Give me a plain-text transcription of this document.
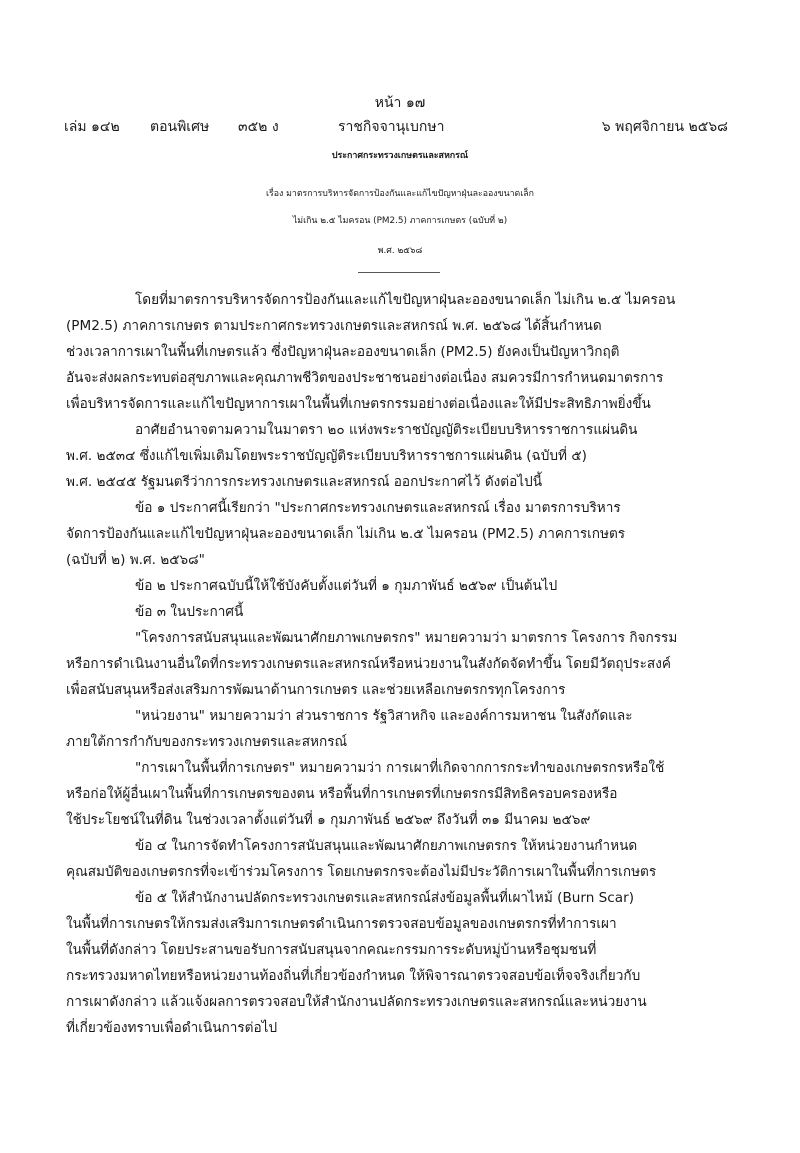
หน้า ๑๗
เล่ม ๑๔๒ ตอนพิเศษ ๓๕๒ ง	ราชกิจจานุเบกษา	๖ พฤศจิกายน ๒๕๖๘
ประกาศกระทรวงเกษตรและสหกรณ์
เรื่อง มาตรการบริหารจัดการป้องกันและแก้ไขปัญหาฝุ่นละอองขนาดเล็ก
ไม่เกิน ๒.๕ ไมครอน (PM2.5) ภาคการเกษตร (ฉบับที่ ๒)
พ.ศ. ๒๕๖๘
โดยที่มาตรการบริหารจัดการป้องกันและแก้ไขปัญหาฝุ่นละอองขนาดเล็ก ไม่เกิน ๒.๕ ไมครอน
(PM2.5) ภาคการเกษตร ตามประกาศกระทรวงเกษตรและสหกรณ์ พ.ศ. ๒๕๖๘ ได้สิ้นกำหนด
ช่วงเวลาการเผาในพื้นที่เกษตรแล้ว ซึ่งปัญหาฝุ่นละอองขนาดเล็ก (PM2.5) ยังคงเป็นปัญหาวิกฤติ
อันจะส่งผลกระทบต่อสุขภาพและคุณภาพชีวิตของประชาชนอย่างต่อเนื่อง สมควรมีการกำหนดมาตรการ
เพื่อบริหารจัดการและแก้ไขปัญหาการเผาในพื้นที่เกษตรกรรมอย่างต่อเนื่องและให้มีประสิทธิภาพยิ่งขึ้น
อาศัยอำนาจตามความในมาตรา ๒๐ แห่งพระราชบัญญัติระเบียบบริหารราชการแผ่นดิน
พ.ศ. ๒๕๓๔ ซึ่งแก้ไขเพิ่มเติมโดยพระราชบัญญัติระเบียบบริหารราชการแผ่นดิน (ฉบับที่ ๕)
พ.ศ. ๒๕๔๕ รัฐมนตรีว่าการกระทรวงเกษตรและสหกรณ์ ออกประกาศไว้ ดังต่อไปนี้
ข้อ ๑ ประกาศนี้เรียกว่า "ประกาศกระทรวงเกษตรและสหกรณ์ เรื่อง มาตรการบริหาร
จัดการป้องกันและแก้ไขปัญหาฝุ่นละอองขนาดเล็ก ไม่เกิน ๒.๕ ไมครอน (PM2.5) ภาคการเกษตร
(ฉบับที่ ๒) พ.ศ. ๒๕๖๘"
ข้อ ๒ ประกาศฉบับนี้ให้ใช้บังคับตั้งแต่วันที่ ๑ กุมภาพันธ์ ๒๕๖๙ เป็นต้นไป
ข้อ ๓ ในประกาศนี้
"โครงการสนับสนุนและพัฒนาศักยภาพเกษตรกร" หมายความว่า มาตรการ โครงการ กิจกรรม
หรือการดำเนินงานอื่นใดที่กระทรวงเกษตรและสหกรณ์หรือหน่วยงานในสังกัดจัดทำขึ้น โดยมีวัตถุประสงค์
เพื่อสนับสนุนหรือส่งเสริมการพัฒนาด้านการเกษตร และช่วยเหลือเกษตรกรทุกโครงการ
"หน่วยงาน" หมายความว่า ส่วนราชการ รัฐวิสาหกิจ และองค์การมหาชน ในสังกัดและ
ภายใต้การกำกับของกระทรวงเกษตรและสหกรณ์
"การเผาในพื้นที่การเกษตร" หมายความว่า การเผาที่เกิดจากการกระทำของเกษตรกรหรือใช้
หรือก่อให้ผู้อื่นเผาในพื้นที่การเกษตรของตน หรือพื้นที่การเกษตรที่เกษตรกรมีสิทธิครอบครองหรือ
ใช้ประโยชน์ในที่ดิน ในช่วงเวลาตั้งแต่วันที่ ๑ กุมภาพันธ์ ๒๕๖๙ ถึงวันที่ ๓๑ มีนาคม ๒๕๖๙
ข้อ ๔ ในการจัดทำโครงการสนับสนุนและพัฒนาศักยภาพเกษตรกร ให้หน่วยงานกำหนด
คุณสมบัติของเกษตรกรที่จะเข้าร่วมโครงการ โดยเกษตรกรจะต้องไม่มีประวัติการเผาในพื้นที่การเกษตร
ข้อ ๕ ให้สำนักงานปลัดกระทรวงเกษตรและสหกรณ์ส่งข้อมูลพื้นที่เผาไหม้ (Burn Scar)
ในพื้นที่การเกษตรให้กรมส่งเสริมการเกษตรดำเนินการตรวจสอบข้อมูลของเกษตรกรที่ทำการเผา
ในพื้นที่ดังกล่าว โดยประสานขอรับการสนับสนุนจากคณะกรรมการระดับหมู่บ้านหรือชุมชนที่
กระทรวงมหาดไทยหรือหน่วยงานท้องถิ่นที่เกี่ยวข้องกำหนด ให้พิจารณาตรวจสอบข้อเท็จจริงเกี่ยวกับ
การเผาดังกล่าว แล้วแจ้งผลการตรวจสอบให้สำนักงานปลัดกระทรวงเกษตรและสหกรณ์และหน่วยงาน
ที่เกี่ยวข้องทราบเพื่อดำเนินการต่อไป
